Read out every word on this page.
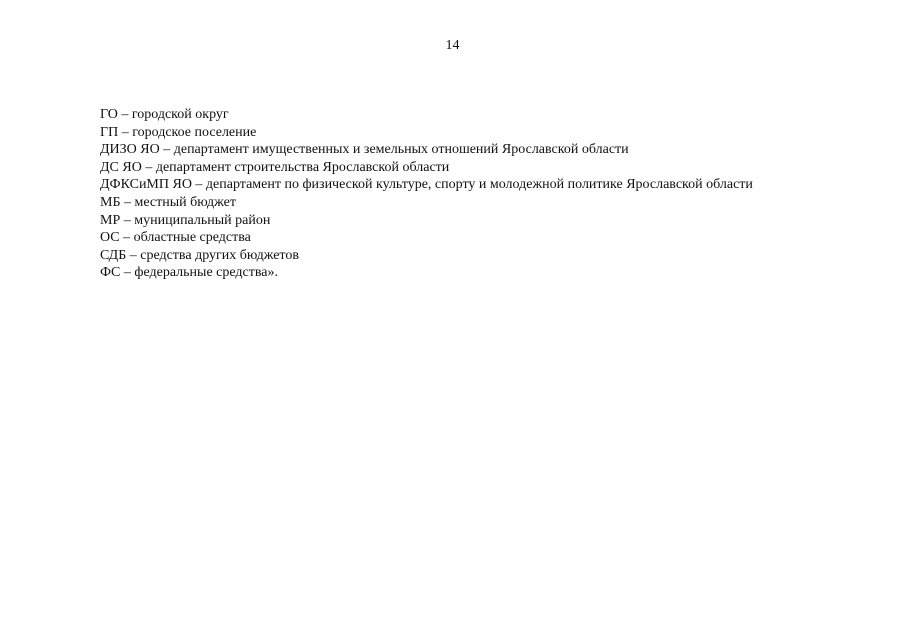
14
ГО – городской округ
ГП – городское поселение
ДИЗО ЯО – департамент имущественных и земельных отношений Ярославской области
ДС ЯО – департамент строительства Ярославской области
ДФКСиМП ЯО – департамент по физической культуре, спорту и молодежной политике Ярославской области
МБ – местный бюджет
МР – муниципальный район
ОС – областные средства
СДБ – средства других бюджетов
ФС – федеральные средства».
